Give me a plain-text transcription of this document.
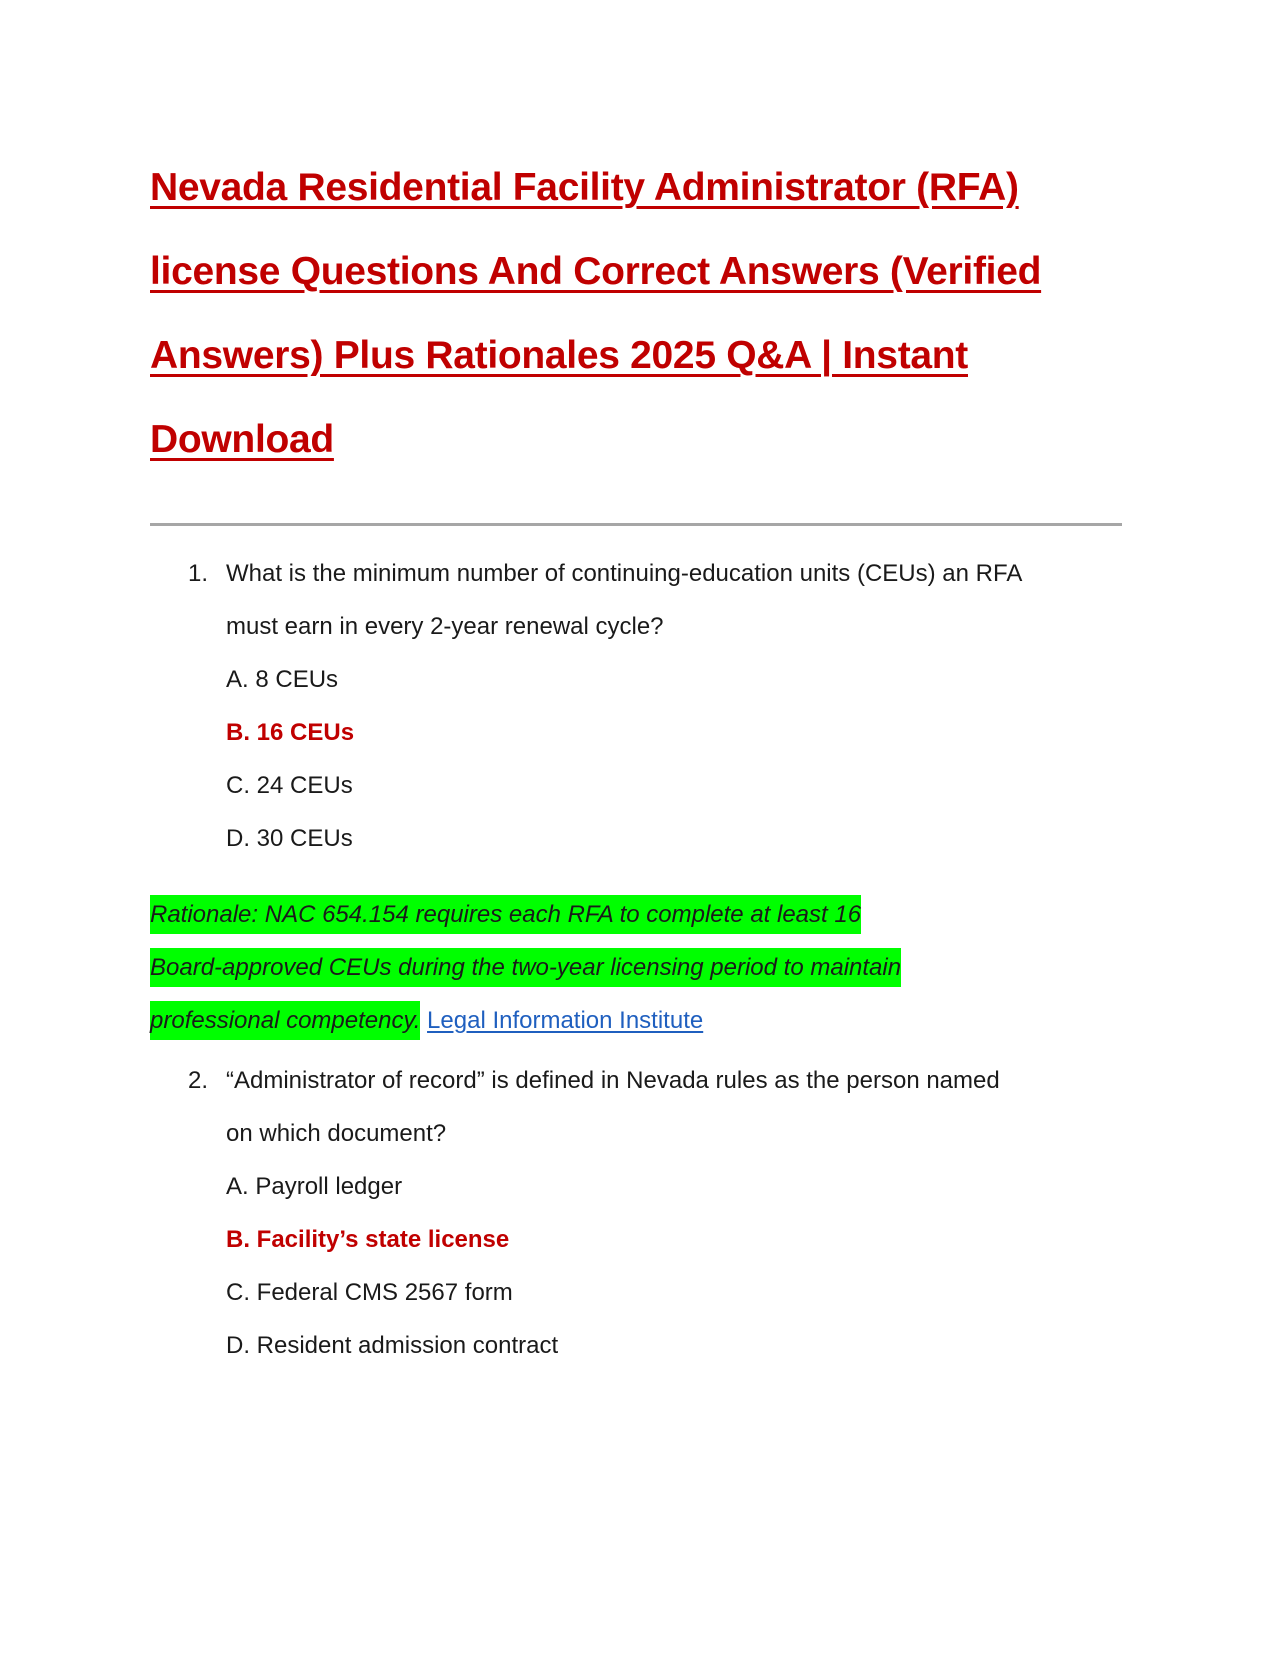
Nevada Residential Facility Administrator (RFA)
license Questions And Correct Answers (Verified
Answers) Plus Rationales 2025 Q&A | Instant
Download
1. What is the minimum number of continuing-education units (CEUs) an RFA
must earn in every 2-year renewal cycle?
A. 8 CEUs
B. 16 CEUs
C. 24 CEUs
D. 30 CEUs
Rationale: NAC 654.154 requires each RFA to complete at least 16
Board-approved CEUs during the two-year licensing period to maintain
professional competency. Legal Information Institute
2. “Administrator of record” is defined in Nevada rules as the person named
on which document?
A. Payroll ledger
B. Facility’s state license
C. Federal CMS 2567 form
D. Resident admission contract
